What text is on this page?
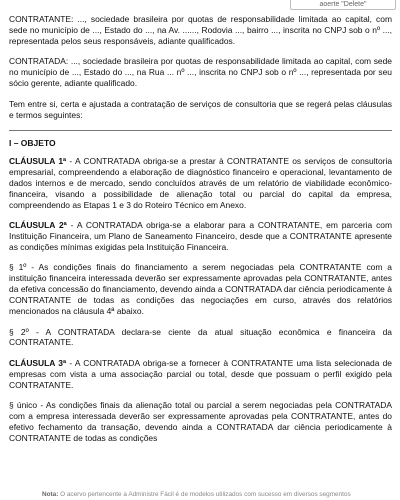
aoerte "Delete"

CONTRATANTE: ..., sociedade brasileira por quotas de responsabilidade limitada ao capital, com sede no município de ..., Estado do ..., na Av. ......, Rodovia ..., bairro ..., inscrita no CNPJ sob o nº ..., representada pelos seus responsáveis, adiante qualificados.

CONTRATADA: ..., sociedade brasileira por quotas de responsabilidade limitada ao capital, com sede no município de ..., Estado do ..., na Rua ... nº ..., inscrita no CNPJ sob o nº ..., representada por seu sócio gerente, adiante qualificado.

Tem entre si, certa e ajustada a contratação de serviços de consultoria que se regerá pelas cláusulas e termos seguintes:

I – OBJETO

CLÁUSULA 1ª - A CONTRATADA obriga-se a prestar à CONTRATANTE os serviços de consultoria empresarial, compreendendo a elaboração de diagnóstico financeiro e operacional, levantamento de dados internos e de mercado, sendo concluídos através de um relatório de viabilidade econômico-financeira, visando a possibilidade de alienação total ou parcial do capital da empresa, compreendendo as Etapas 1 e 3 do Roteiro Técnico em Anexo.

CLÁUSULA 2ª - A CONTRATADA obriga-se a elaborar para a CONTRATANTE, em parceria com Instituição Financeira, um Plano de Saneamento Financeiro, desde que a CONTRATANTE apresente as condições mínimas exigidas pela Instituição Financeira.

§ 1º - As condições finais do financiamento a serem negociadas pela CONTRATANTE com a instituição financeira interessada deverão ser expressamente aprovadas pela CONTRATANTE, antes da efetiva concessão do financiamento, devendo ainda a CONTRATADA dar ciência periodicamente à CONTRATANTE de todas as condições das negociações em curso, através dos relatórios mencionados na cláusula 4ª abaixo.

§ 2º - A CONTRATADA declara-se ciente da atual situação econômica e financeira da CONTRATANTE.

CLÁUSULA 3ª - A CONTRATADA obriga-se a fornecer à CONTRATANTE uma lista selecionada de empresas com vista a uma associação parcial ou total, desde que possuam o perfil exigido pela CONTRATANTE.

§ único - As condições finais da alienação total ou parcial a serem negociadas pela CONTRATADA com a empresa interessada deverão ser expressamente aprovadas pela CONTRATANTE, antes do efetivo fechamento da transação, devendo ainda a CONTRATADA dar ciência periodicamente à CONTRATANTE de todas as condições

Nota: O acervo pertencente a Administre Fácil é de modelos utilizados com sucesso em diversos segmentos
